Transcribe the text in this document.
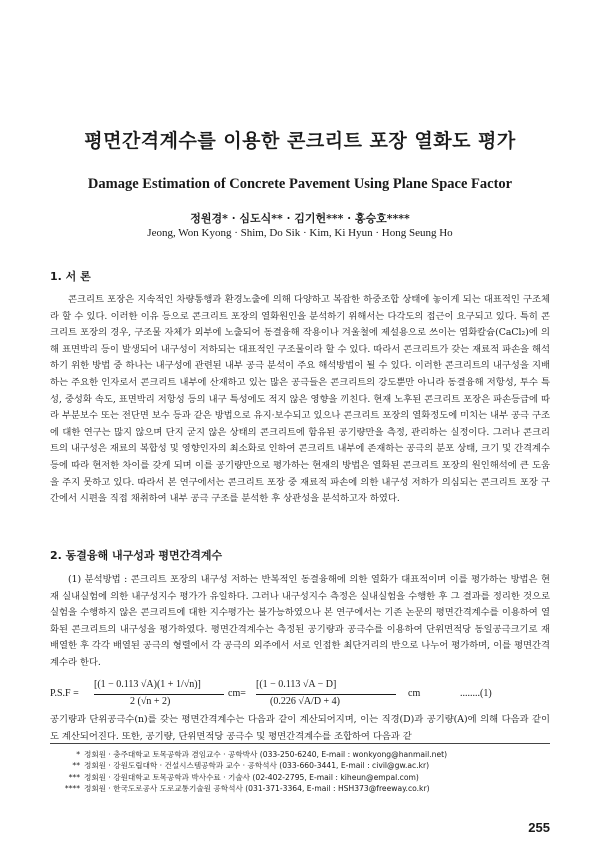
평면간격계수를 이용한 콘크리트 포장 열화도 평가
Damage Estimation of Concrete Pavement Using Plane Space Factor
정원경* · 심도식** · 김기헌*** · 홍승호****
Jeong, Won Kyong · Shim, Do Sik · Kim, Ki Hyun · Hong Seung Ho
1. 서 론

콘크리트 포장은 지속적인 차량통행과 환경노출에 의해 다양하고 복잡한 하중조합 상태에 놓이게 되는 대표적인 구조체라 할 수 있다. 이러한 이유 등으로 콘크리트 포장의 열화원인을 분석하기 위해서는 다각도의 접근이 요구되고 있다. 특히 콘크리트 포장의 경우, 구조물 자체가 외부에 노출되어 동결융해 작용이나 겨울철에 제설용으로 쓰이는 염화칼슘(CaCl₂)에 의해 표면박리 등이 발생되어 내구성이 저하되는 대표적인 구조물이라 할 수 있다. 따라서 콘크리트가 갖는 재료적 파손을 해석하기 위한 방법 중 하나는 내구성에 관련된 내부 공극 분석이 주요 해석방법이 될 수 있다. 이러한 콘크리트의 내구성을 지배하는 주요한 인자로서 콘크리트 내부에 산재하고 있는 많은 공극들은 콘크리트의 강도뿐만 아니라 동결융해 저항성, 투수 특성, 중성화 속도, 표면박리 저항성 등의 내구 특성에도 적지 않은 영향을 끼친다. 현재 노후된 콘크리트 포장은 파손등급에 따라 부분보수 또는 전단면 보수 등과 같은 방법으로 유지·보수되고 있으나 콘크리트 포장의 열화정도에 미치는 내부 공극 구조에 대한 연구는 많지 않으며 단지 굳지 않은 상태의 콘크리트에 함유된 공기량만을 측정, 관리하는 실정이다. 그러나 콘크리트의 내구성은 재료의 복합성 및 영향인자의 최소화로 인하여 콘크리트 내부에 존재하는 공극의 분포 상태, 크기 및 간격계수 등에 따라 현저한 차이를 갖게 되며 이를 공기량만으로 평가하는 현재의 방법은 열화된 콘크리트 포장의 원인해석에 큰 도움을 주지 못하고 있다. 따라서 본 연구에서는 콘크리트 포장 중 재료적 파손에 의한 내구성 저하가 의심되는 콘크리트 포장 구간에서 시편을 직접 채취하여 내부 공극 구조를 분석한 후 상관성을 분석하고자 하였다.

2. 동결융해 내구성과 평면간격계수

(1) 분석방법 : 콘크리트 포장의 내구성 저하는 반복적인 동결융해에 의한 열화가 대표적이며 이를 평가하는 방법은 현재 실내실험에 의한 내구성지수 평가가 유일하다. 그러나 내구성지수 측정은 실내실험을 수행한 후 그 결과를 정리한 것으로 실험을 수행하지 않은 콘크리트에 대한 지수평가는 불가능하였으나 본 연구에서는 기존 논문의 평면간격계수를 이용하여 열화된 콘크리트의 내구성을 평가하였다. 평면간격계수는 측정된 공기량과 공극수를 이용하여 단위면적당 동일공극크기로 재배열한 후 각각 배열된 공극의 형렬에서 각 공극의 외주에서 서로 인접한 최단거리의 반으로 나누어 평가하며, 이를 평면간격계수라 한다.

P.S.F =
[(1 − 0.113 √A)(1 + 1/√n)]
2 (√n + 2)
cm=
[(1 − 0.113 √A − D]
(0.226 √A/D + 4)
cm	........(1)

공기량과 단위공극수(n)를 갖는 평면간격계수는 다음과 같이 계산되어지며, 이는 직경(D)과 공기량(A)에 의해 다음과 같이도 계산되어진다. 또한, 공기량, 단위면적당 공극수 및 평면간격계수를 조합하여 다음과 같

* 정회원 · 충주대학교 토목공학과 겸임교수 · 공학박사 (033-250-6240, E-mail : wonkyong@hanmail.net)
** 정회원 · 강원도립대학 · 건설시스템공학과 교수 · 공학석사 (033-660-3441, E-mail : civil@gw.ac.kr)
*** 정회원 · 강원대학교 토목공학과 박사수료 · 기술사 (02-402-2795, E-mail : kiheun@empal.com)
**** 정회원 · 한국도로공사 도로교통기술원 공학석사 (031-371-3364, E-mail : HSH373@freeway.co.kr)
255
